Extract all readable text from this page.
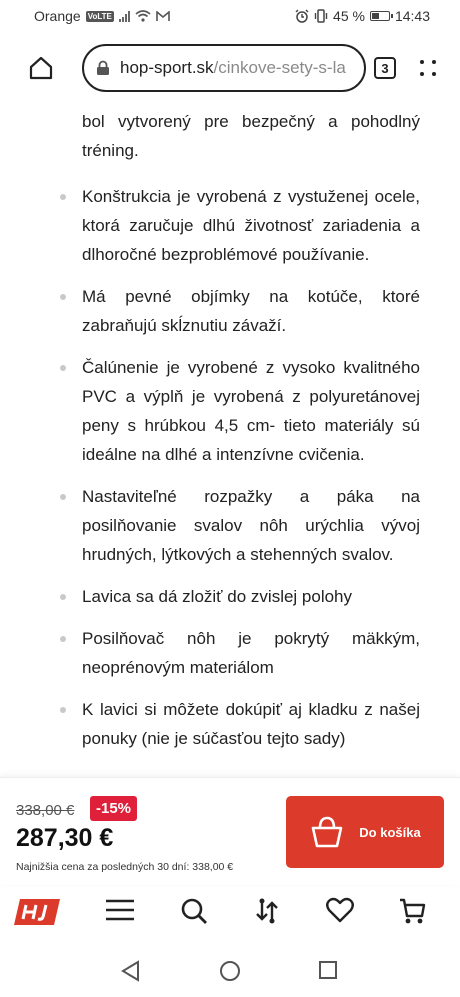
Orange VoLTE	45 % 14:43
hop-sport.sk /cinkove-sety-s-la	3
bol vytvorený pre bezpečný a pohodlný tréning.
Konštrukcia je vyrobená z vystuženej ocele, ktorá zaručuje dlhú životnosť zariadenia a dlhoročné bezproblémové používanie.
Má pevné objímky na kotúče, ktoré zabraňujú skĺznutiu závaží.
Čalúnenie je vyrobené z vysoko kvalitného PVC a výplň je vyrobená z polyuretánovej peny s hrúbkou 4,5 cm- tieto materiály sú ideálne na dlhé a intenzívne cvičenia.
Nastaviteľné rozpažky a páka na posilňovanie svalov nôh urýchlia vývoj hrudných, lýtkových a stehenných svalov.
Lavica sa dá zložiť do zvislej polohy
Posilňovač nôh je pokrytý mäkkým, neoprénovým materiálom
K lavici si môžete dokúpiť aj kladku z našej ponuky (nie je súčasťou tejto sady)
338,00 €	-15%
287,30 €
Najnižšia cena za posledných 30 dní: 338,00 €
Do košíka
